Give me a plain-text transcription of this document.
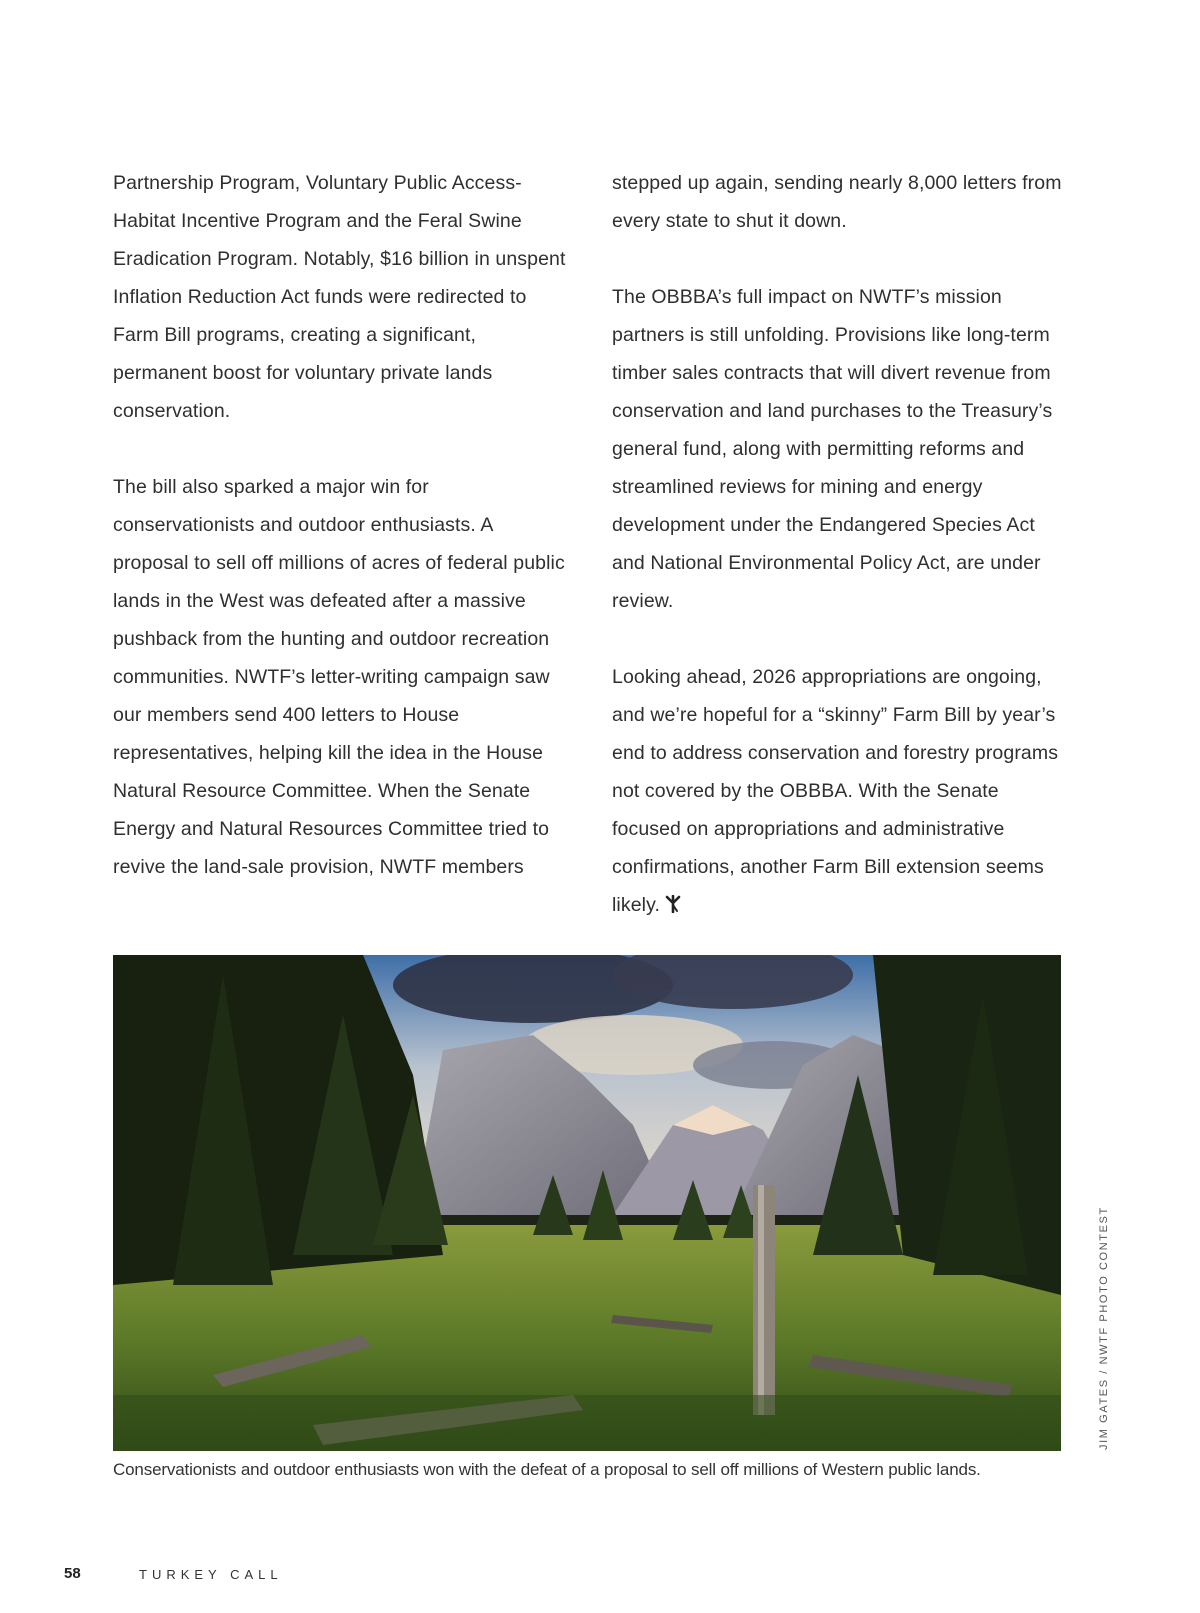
Partnership Program, Voluntary Public Access-Habitat Incentive Program and the Feral Swine Eradication Program. Notably, $16 billion in unspent Inflation Reduction Act funds were redirected to Farm Bill programs, creating a significant, permanent boost for voluntary private lands conservation.

The bill also sparked a major win for conservationists and outdoor enthusiasts. A proposal to sell off millions of acres of federal public lands in the West was defeated after a massive pushback from the hunting and outdoor recreation communities. NWTF’s letter-writing campaign saw our members send 400 letters to House representatives, helping kill the idea in the House Natural Resource Committee. When the Senate Energy and Natural Resources Committee tried to revive the land-sale provision, NWTF members

stepped up again, sending nearly 8,000 letters from every state to shut it down.

The OBBBA’s full impact on NWTF’s mission partners is still unfolding. Provisions like long-term timber sales contracts that will divert revenue from conservation and land purchases to the Treasury’s general fund, along with permitting reforms and streamlined reviews for mining and energy development under the Endangered Species Act and National Environmental Policy Act, are under review.

Looking ahead, 2026 appropriations are ongoing, and we’re hopeful for a “skinny” Farm Bill by year’s end to address conservation and forestry programs not covered by the OBBBA. With the Senate focused on appropriations and administrative confirmations, another Farm Bill extension seems likely.

Conservationists and outdoor enthusiasts won with the defeat of a proposal to sell off millions of Western public lands.
JIM GATES / NWTF PHOTO CONTEST
58	TURKEY CALL
